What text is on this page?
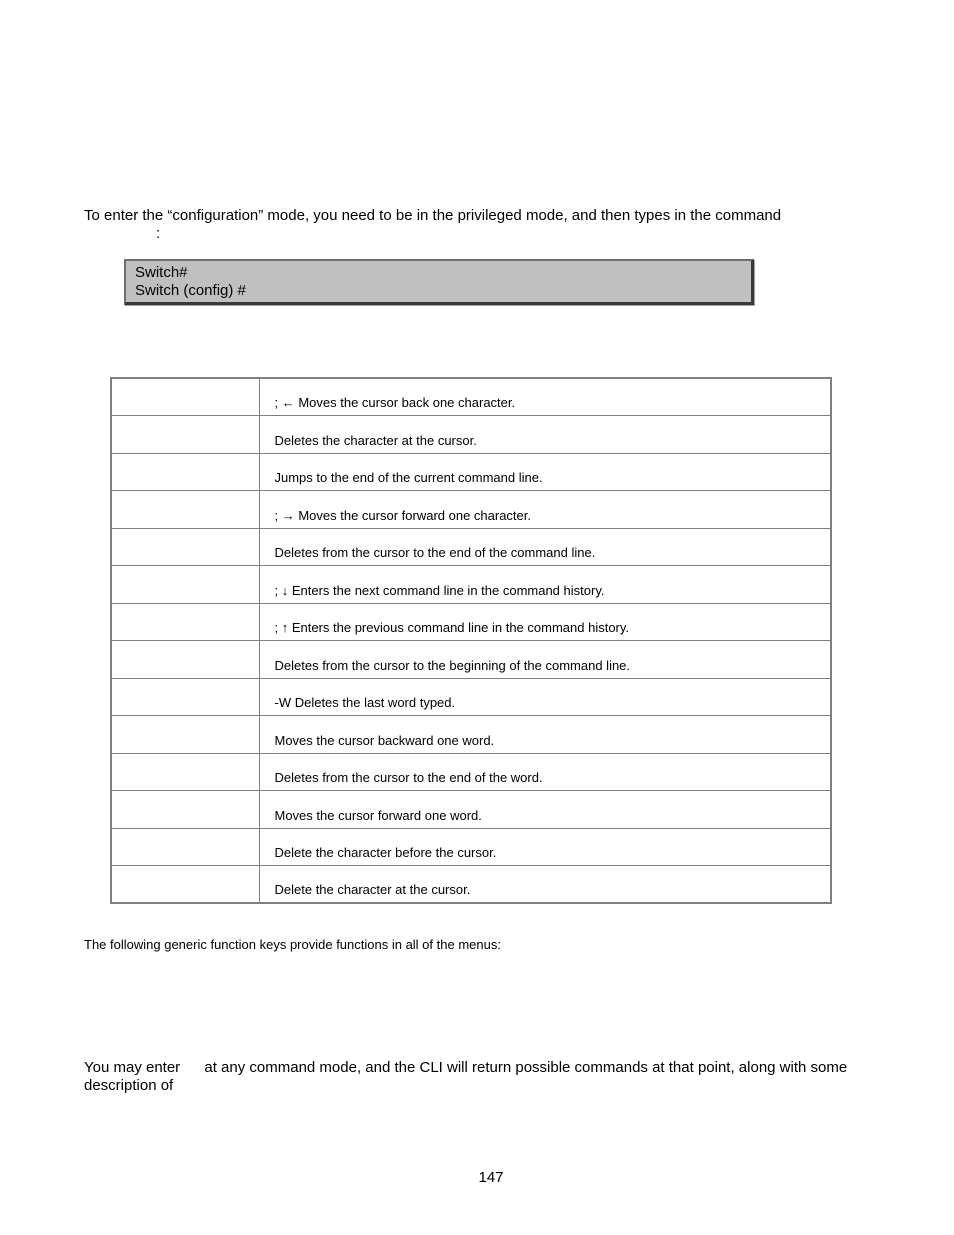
To enter the “configuration” mode, you need to be in the privileged mode, and then types in the command
:

Switch#
Switch (config) #
	; ← Moves the cursor back one character.
	Deletes the character at the cursor.
	Jumps to the end of the current command line.
	; → Moves the cursor forward one character.
	Deletes from the cursor to the end of the command line.
	; ↓ Enters the next command line in the command history.
	; ↑ Enters the previous command line in the command history.
	Deletes from the cursor to the beginning of the command line.
	-W Deletes the last word typed.
	Moves the cursor backward one word.
	Deletes from the cursor to the end of the word.
	Moves the cursor forward one word.
	Delete the character before the cursor.
	Delete the character at the cursor.

The following generic function keys provide functions in all of the menus:

You may enter at any command mode, and the CLI will return possible commands at that point, along with some description of

147
